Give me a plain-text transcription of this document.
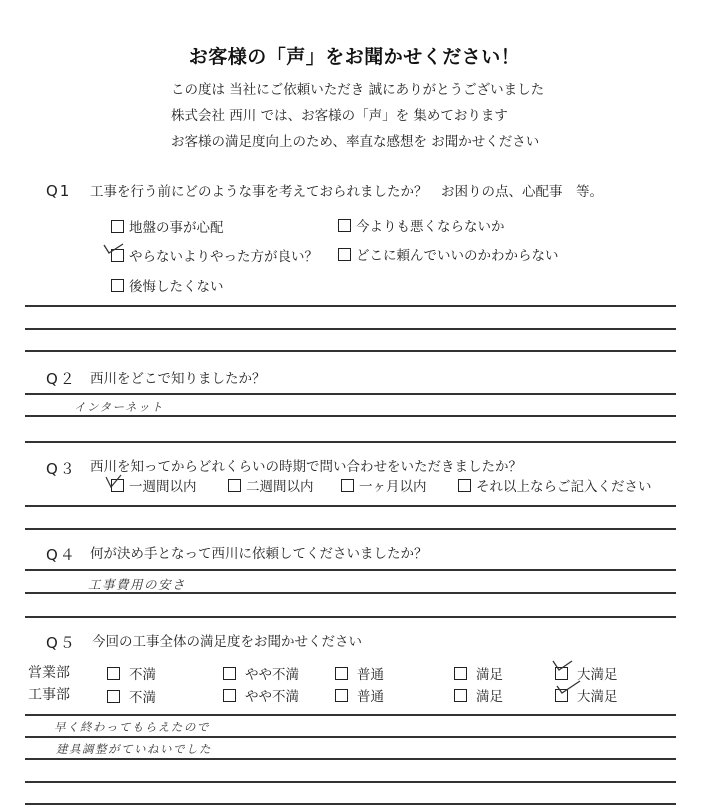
お客様の「声」をお聞かせください！
この度は 当社にご依頼いただき 誠にありがとうございました
株式会社 西川 では、お客様の「声」を 集めております
お客様の満足度向上のため、率直な感想を お聞かせください
Q1 工事を行う前にどのような事を考えておられましたか？　お困りの点、心配事　等。
地盤の事が心配	今よりも悪くならないか
やらないよりやった方が良い？	どこに頼んでいいのかわからない
後悔したくない
Q２ 西川をどこで知りましたか？
インターネット
Q３ 西川を知ってからどれくらいの時期で問い合わせをいただきましたか？
一週間以内	二週間以内	一ヶ月以内	それ以上ならご記入ください
Q４ 何が決め手となって西川に依頼してくださいましたか？
工事費用の安さ
Q５ 今回の工事全体の満足度をお聞かせください
営業部	不満	やや不満	普通	満足	大満足
工事部	不満	やや不満	普通	満足	大満足
早く終わってもらえたので
建具調整がていねいでした
